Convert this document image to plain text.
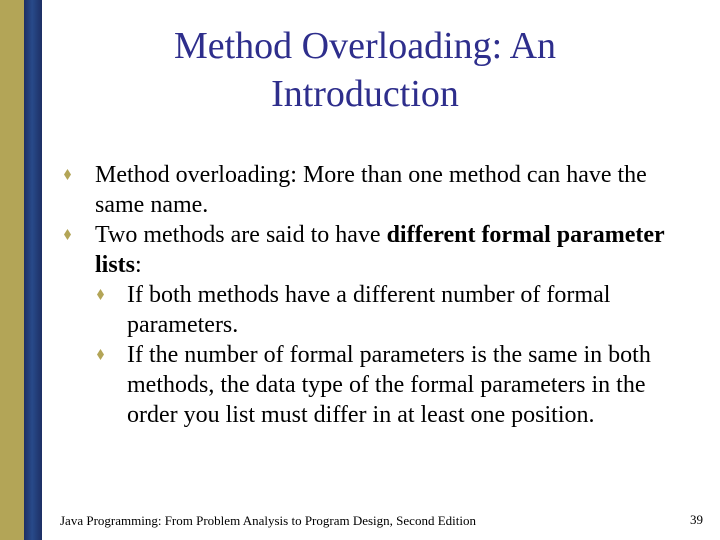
Method Overloading: An
Introduction
Method overloading: More than one method can have the same name.
Two methods are said to have different formal parameter lists:
If both methods have a different number of formal parameters.
If the number of formal parameters is the same in both methods, the data type of the formal parameters in the order you list must differ in at least one position.
Java Programming: From Problem Analysis to Program Design, Second Edition	39
